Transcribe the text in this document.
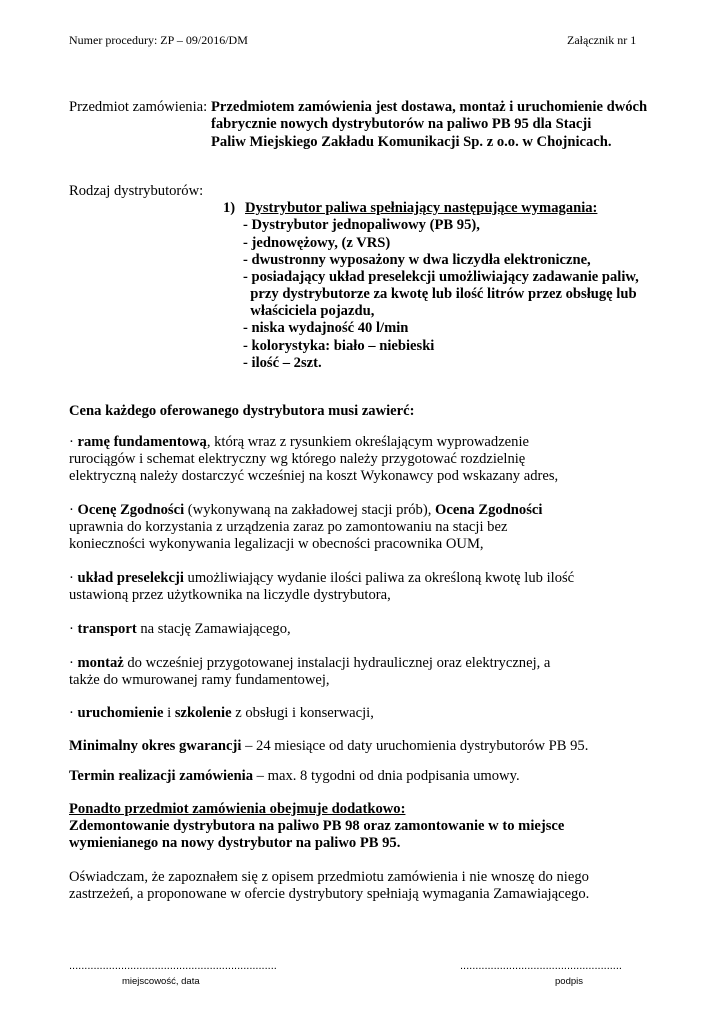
Numer procedury: ZP – 09/2016/DM	Załącznik nr 1
Przedmiot zamówienia: Przedmiotem zamówienia jest dostawa, montaż i uruchomienie dwóch
fabrycznie nowych dystrybutorów na paliwo PB 95 dla Stacji
Paliw Miejskiego Zakładu Komunikacji Sp. z o.o. w Chojnicach.
Rodzaj dystrybutorów:
1) Dystrybutor paliwa spełniający następujące wymagania:
- Dystrybutor jednopaliwowy (PB 95),
- jednowężowy, (z VRS)
- dwustronny wyposażony w dwa liczydła elektroniczne,
- posiadający układ preselekcji umożliwiający zadawanie paliw,
przy dystrybutorze za kwotę lub ilość litrów przez obsługę lub
właściciela pojazdu,
- niska wydajność 40 l/min
- kolorystyka: biało – niebieski
- ilość – 2szt.
Cena każdego oferowanego dystrybutora musi zawierć:
· ramę fundamentową, którą wraz z rysunkiem określającym wyprowadzenie
rurociągów i schemat elektryczny wg którego należy przygotować rozdzielnię
elektryczną należy dostarczyć wcześniej na koszt Wykonawcy pod wskazany adres,
· Ocenę Zgodności (wykonywaną na zakładowej stacji prób), Ocena Zgodności
uprawnia do korzystania z urządzenia zaraz po zamontowaniu na stacji bez
konieczności wykonywania legalizacji w obecności pracownika OUM,
· układ preselekcji umożliwiający wydanie ilości paliwa za określoną kwotę lub ilość
ustawioną przez użytkownika na liczydle dystrybutora,
· transport na stację Zamawiającego,
· montaż do wcześniej przygotowanej instalacji hydraulicznej oraz elektrycznej, a
także do wmurowanej ramy fundamentowej,
· uruchomienie i szkolenie z obsługi i konserwacji,
Minimalny okres gwarancji – 24 miesiące od daty uruchomienia dystrybutorów PB 95.
Termin realizacji zamówienia – max. 8 tygodni od dnia podpisania umowy.
Ponadto przedmiot zamówienia obejmuje dodatkowo:
Zdemontowanie dystrybutora na paliwo PB 98 oraz zamontowanie w to miejsce
wymienianego na nowy dystrybutor na paliwo PB 95.
Oświadczam, że zapoznałem się z opisem przedmiotu zamówienia i nie wnoszę do niego
zastrzeżeń, a proponowane w ofercie dystrybutory spełniają wymagania Zamawiającego.
....................................................................
miejscowość, data
.....................................................
podpis
